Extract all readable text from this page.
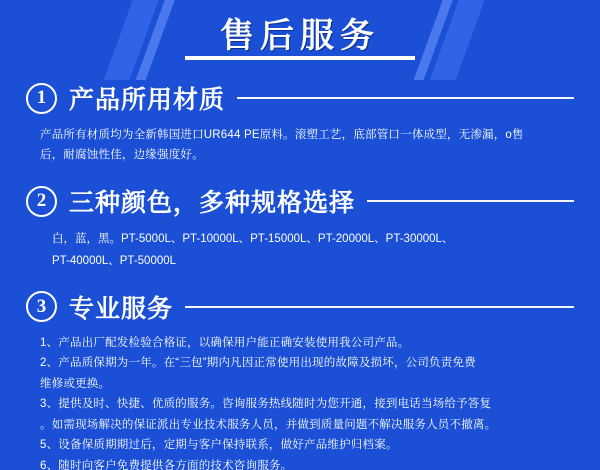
售后服务
1 产品所用材质
产品所有材质均为全新韩国进口UR644 PE原料。滚塑工艺，底部管口一体成型，无渗漏，o售
后，耐腐蚀性佳，边缘强度好。
2 三种颜色，多种规格选择
白，蓝，黑。PT-5000L、PT-10000L、PT-15000L、PT-20000L、PT-30000L、
PT-40000L、PT-50000L
3 专业服务
1、产品出厂配发检验合格证，以确保用户能正确安装使用我公司产品。
2、产品质保期为一年。在“三包”期内凡因正常使用出现的故障及损坏，公司负责免费
维修或更换。
3、提供及时、快捷、优质的服务。咨询服务热线随时为您开通，接到电话当场给予答复
。如需现场解决的保证派出专业技术服务人员，并做到质量问题不解决服务人员不撤离。
5、设备保质期期过后，定期与客户保持联系，做好产品维护归档案。
6、随时向客户免费提供各方面的技术咨询服务。
